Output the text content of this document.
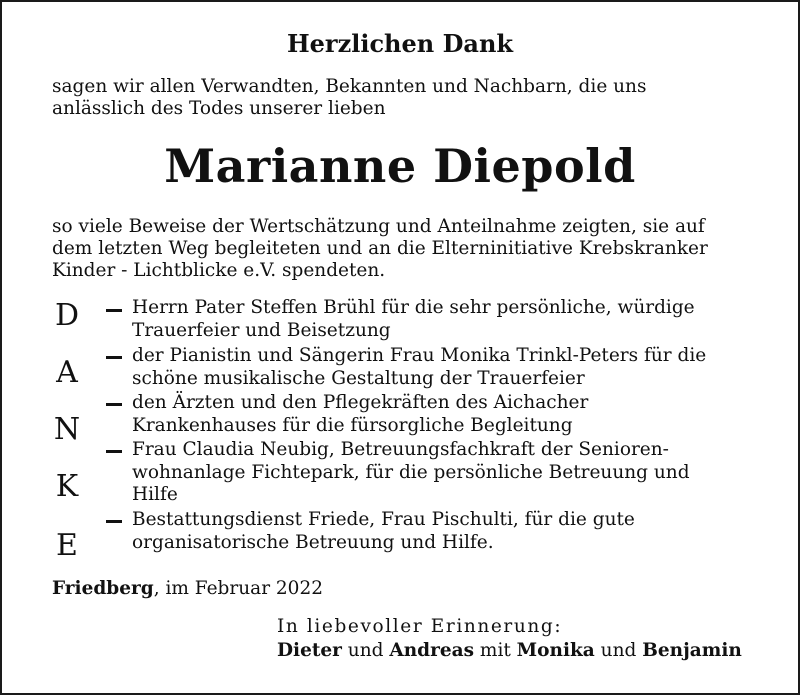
Herzlichen Dank
sagen wir allen Verwandten, Bekannten und Nachbarn, die uns
anlässlich des Todes unserer lieben
Marianne Diepold
so viele Beweise der Wertschätzung und Anteilnahme zeigten, sie auf
dem letzten Weg begleiteten und an die Elterninitiative Krebskranker
Kinder - Lichtblicke e.V. spendeten.
D
A
N
K
E
Herrn Pater Steffen Brühl für die sehr persönliche, würdige
Trauerfeier und Beisetzung
der Pianistin und Sängerin Frau Monika Trinkl-Peters für die
schöne musikalische Gestaltung der Trauerfeier
den Ärzten und den Pflegekräften des Aichacher
Krankenhauses für die fürsorgliche Begleitung
Frau Claudia Neubig, Betreuungsfachkraft der Senioren-
wohnanlage Fichtepark, für die persönliche Betreuung und
Hilfe
Bestattungsdienst Friede, Frau Pischulti, für die gute
organisatorische Betreuung und Hilfe.
Friedberg, im Februar 2022
In liebevoller Erinnerung:
Dieter und Andreas mit Monika und Benjamin
